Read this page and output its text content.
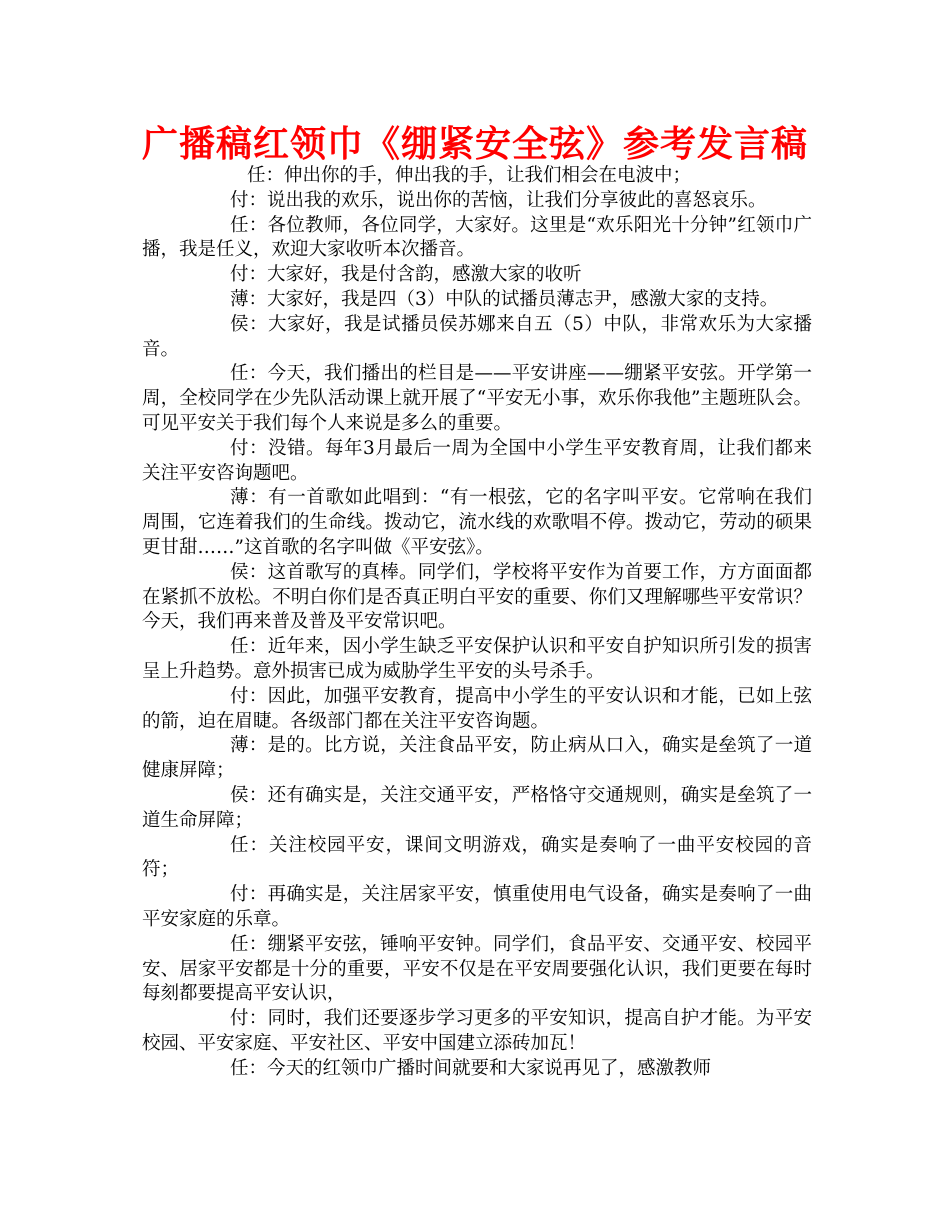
广播稿红领巾《绷紧安全弦》参考发言稿

任：伸出你的手，伸出我的手，让我们相会在电波中；

付：说出我的欢乐，说出你的苦恼，让我们分享彼此的喜怒哀乐。

任：各位教师，各位同学，大家好。这里是“欢乐阳光十分钟”红领巾广播，我是任义，欢迎大家收听本次播音。

付：大家好，我是付含韵，感激大家的收听

薄：大家好，我是四（3）中队的试播员薄志尹，感激大家的支持。

侯：大家好，我是试播员侯苏娜来自五（5）中队，非常欢乐为大家播音。

任：今天，我们播出的栏目是——平安讲座——绷紧平安弦。开学第一周，全校同学在少先队活动课上就开展了“平安无小事，欢乐你我他”主题班队会。可见平安关于我们每个人来说是多么的重要。

付：没错。每年3月最后一周为全国中小学生平安教育周，让我们都来关注平安咨询题吧。

薄：有一首歌如此唱到：“有一根弦，它的名字叫平安。它常响在我们周围，它连着我们的生命线。拨动它，流水线的欢歌唱不停。拨动它，劳动的硕果更甘甜……”这首歌的名字叫做《平安弦》。

侯：这首歌写的真棒。同学们，学校将平安作为首要工作，方方面面都在紧抓不放松。不明白你们是否真正明白平安的重要、你们又理解哪些平安常识？今天，我们再来普及普及平安常识吧。

任：近年来，因小学生缺乏平安保护认识和平安自护知识所引发的损害呈上升趋势。意外损害已成为威胁学生平安的头号杀手。

付：因此，加强平安教育，提高中小学生的平安认识和才能，已如上弦的箭，迫在眉睫。各级部门都在关注平安咨询题。

薄：是的。比方说，关注食品平安，防止病从口入，确实是垒筑了一道健康屏障；

侯：还有确实是，关注交通平安，严格恪守交通规则，确实是垒筑了一道生命屏障；

任：关注校园平安，课间文明游戏，确实是奏响了一曲平安校园的音符；

付：再确实是，关注居家平安，慎重使用电气设备，确实是奏响了一曲平安家庭的乐章。

任：绷紧平安弦，锤响平安钟。同学们，食品平安、交通平安、校园平安、居家平安都是十分的重要，平安不仅是在平安周要强化认识，我们更要在每时每刻都要提高平安认识，

付：同时，我们还要逐步学习更多的平安知识，提高自护才能。为平安校园、平安家庭、平安社区、平安中国建立添砖加瓦！

任：今天的红领巾广播时间就要和大家说再见了，感激教师
